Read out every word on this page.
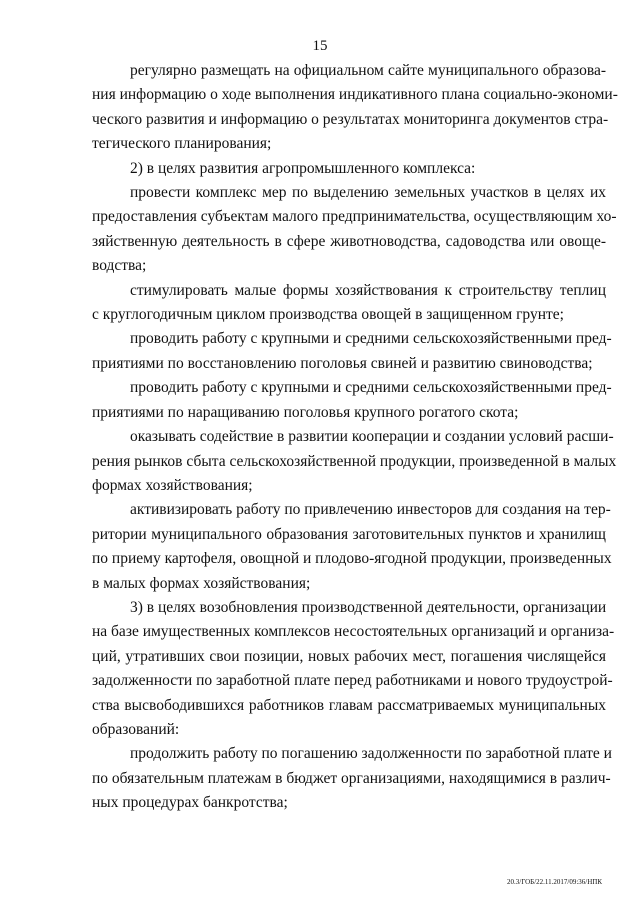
15
регулярно размещать на официальном сайте муниципального образова-
ния информацию о ходе выполнения индикативного плана социально-экономи-
ческого развития и информацию о результатах мониторинга документов стра-
тегического планирования;
2) в целях развития агропромышленного комплекса:
провести комплекс мер по выделению земельных участков в целях их
предоставления субъектам малого предпринимательства, осуществляющим хо-
зяйственную деятельность в сфере животноводства, садоводства или овоще-
водства;
стимулировать малые формы хозяйствования к строительству теплиц
с круглогодичным циклом производства овощей в защищенном грунте;
проводить работу с крупными и средними сельскохозяйственными пред-
приятиями по восстановлению поголовья свиней и развитию свиноводства;
проводить работу с крупными и средними сельскохозяйственными пред-
приятиями по наращиванию поголовья крупного рогатого скота;
оказывать содействие в развитии кооперации и создании условий расши-
рения рынков сбыта сельскохозяйственной продукции, произведенной в малых
формах хозяйствования;
активизировать работу по привлечению инвесторов для создания на тер-
ритории муниципального образования заготовительных пунктов и хранилищ
по приему картофеля, овощной и плодово-ягодной продукции, произведенных
в малых формах хозяйствования;
3) в целях возобновления производственной деятельности, организации
на базе имущественных комплексов несостоятельных организаций и организа-
ций, утративших свои позиции, новых рабочих мест, погашения числящейся
задолженности по заработной плате перед работниками и нового трудоустрой-
ства высвободившихся работников главам рассматриваемых муниципальных
образований:
продолжить работу по погашению задолженности по заработной плате и
по обязательным платежам в бюджет организациями, находящимися в различ-
ных процедурах банкротства;
20.3/ГОБ/22.11.2017/09:36/НПК
